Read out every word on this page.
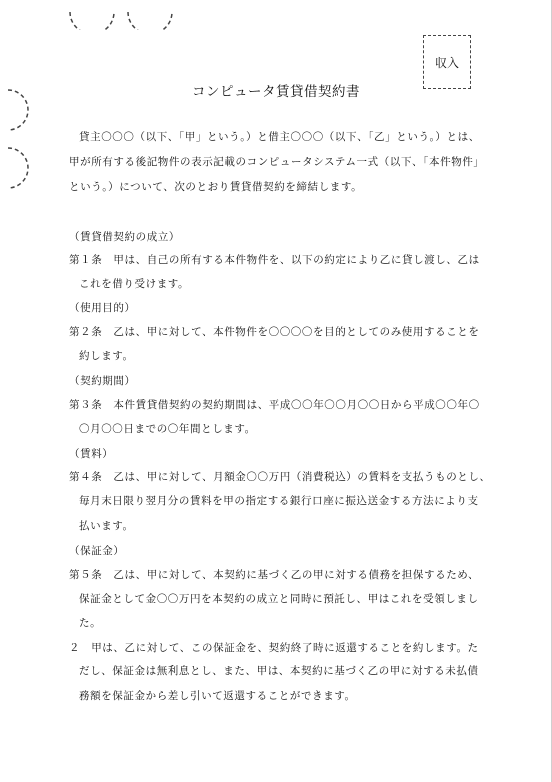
収入
コンピュータ賃貸借契約書
貸主〇〇〇（以下、「甲」という。）と借主〇〇〇（以下、「乙」という。）とは、
甲が所有する後記物件の表示記載のコンピュータシステム一式（以下、「本件物件」
という。）について、次のとおり賃貸借契約を締結します。
（賃貸借契約の成立）
第１条　甲は、自己の所有する本件物件を、以下の約定により乙に貸し渡し、乙は
これを借り受けます。
（使用目的）
第２条　乙は、甲に対して、本件物件を〇〇〇〇を目的としてのみ使用することを
約します。
（契約期間）
第３条　本件賃貸借契約の契約期間は、平成〇〇年〇〇月〇〇日から平成〇〇年〇
〇月〇〇日までの〇年間とします。
（賃料）
第４条　乙は、甲に対して、月額金〇〇万円（消費税込）の賃料を支払うものとし、
毎月末日限り翌月分の賃料を甲の指定する銀行口座に振込送金する方法により支
払います。
（保証金）
第５条　乙は、甲に対して、本契約に基づく乙の甲に対する債務を担保するため、
保証金として金〇〇万円を本契約の成立と同時に預託し、甲はこれを受領しまし
た。
２　甲は、乙に対して、この保証金を、契約終了時に返還することを約します。た
だし、保証金は無利息とし、また、甲は、本契約に基づく乙の甲に対する未払債
務額を保証金から差し引いて返還することができます。
